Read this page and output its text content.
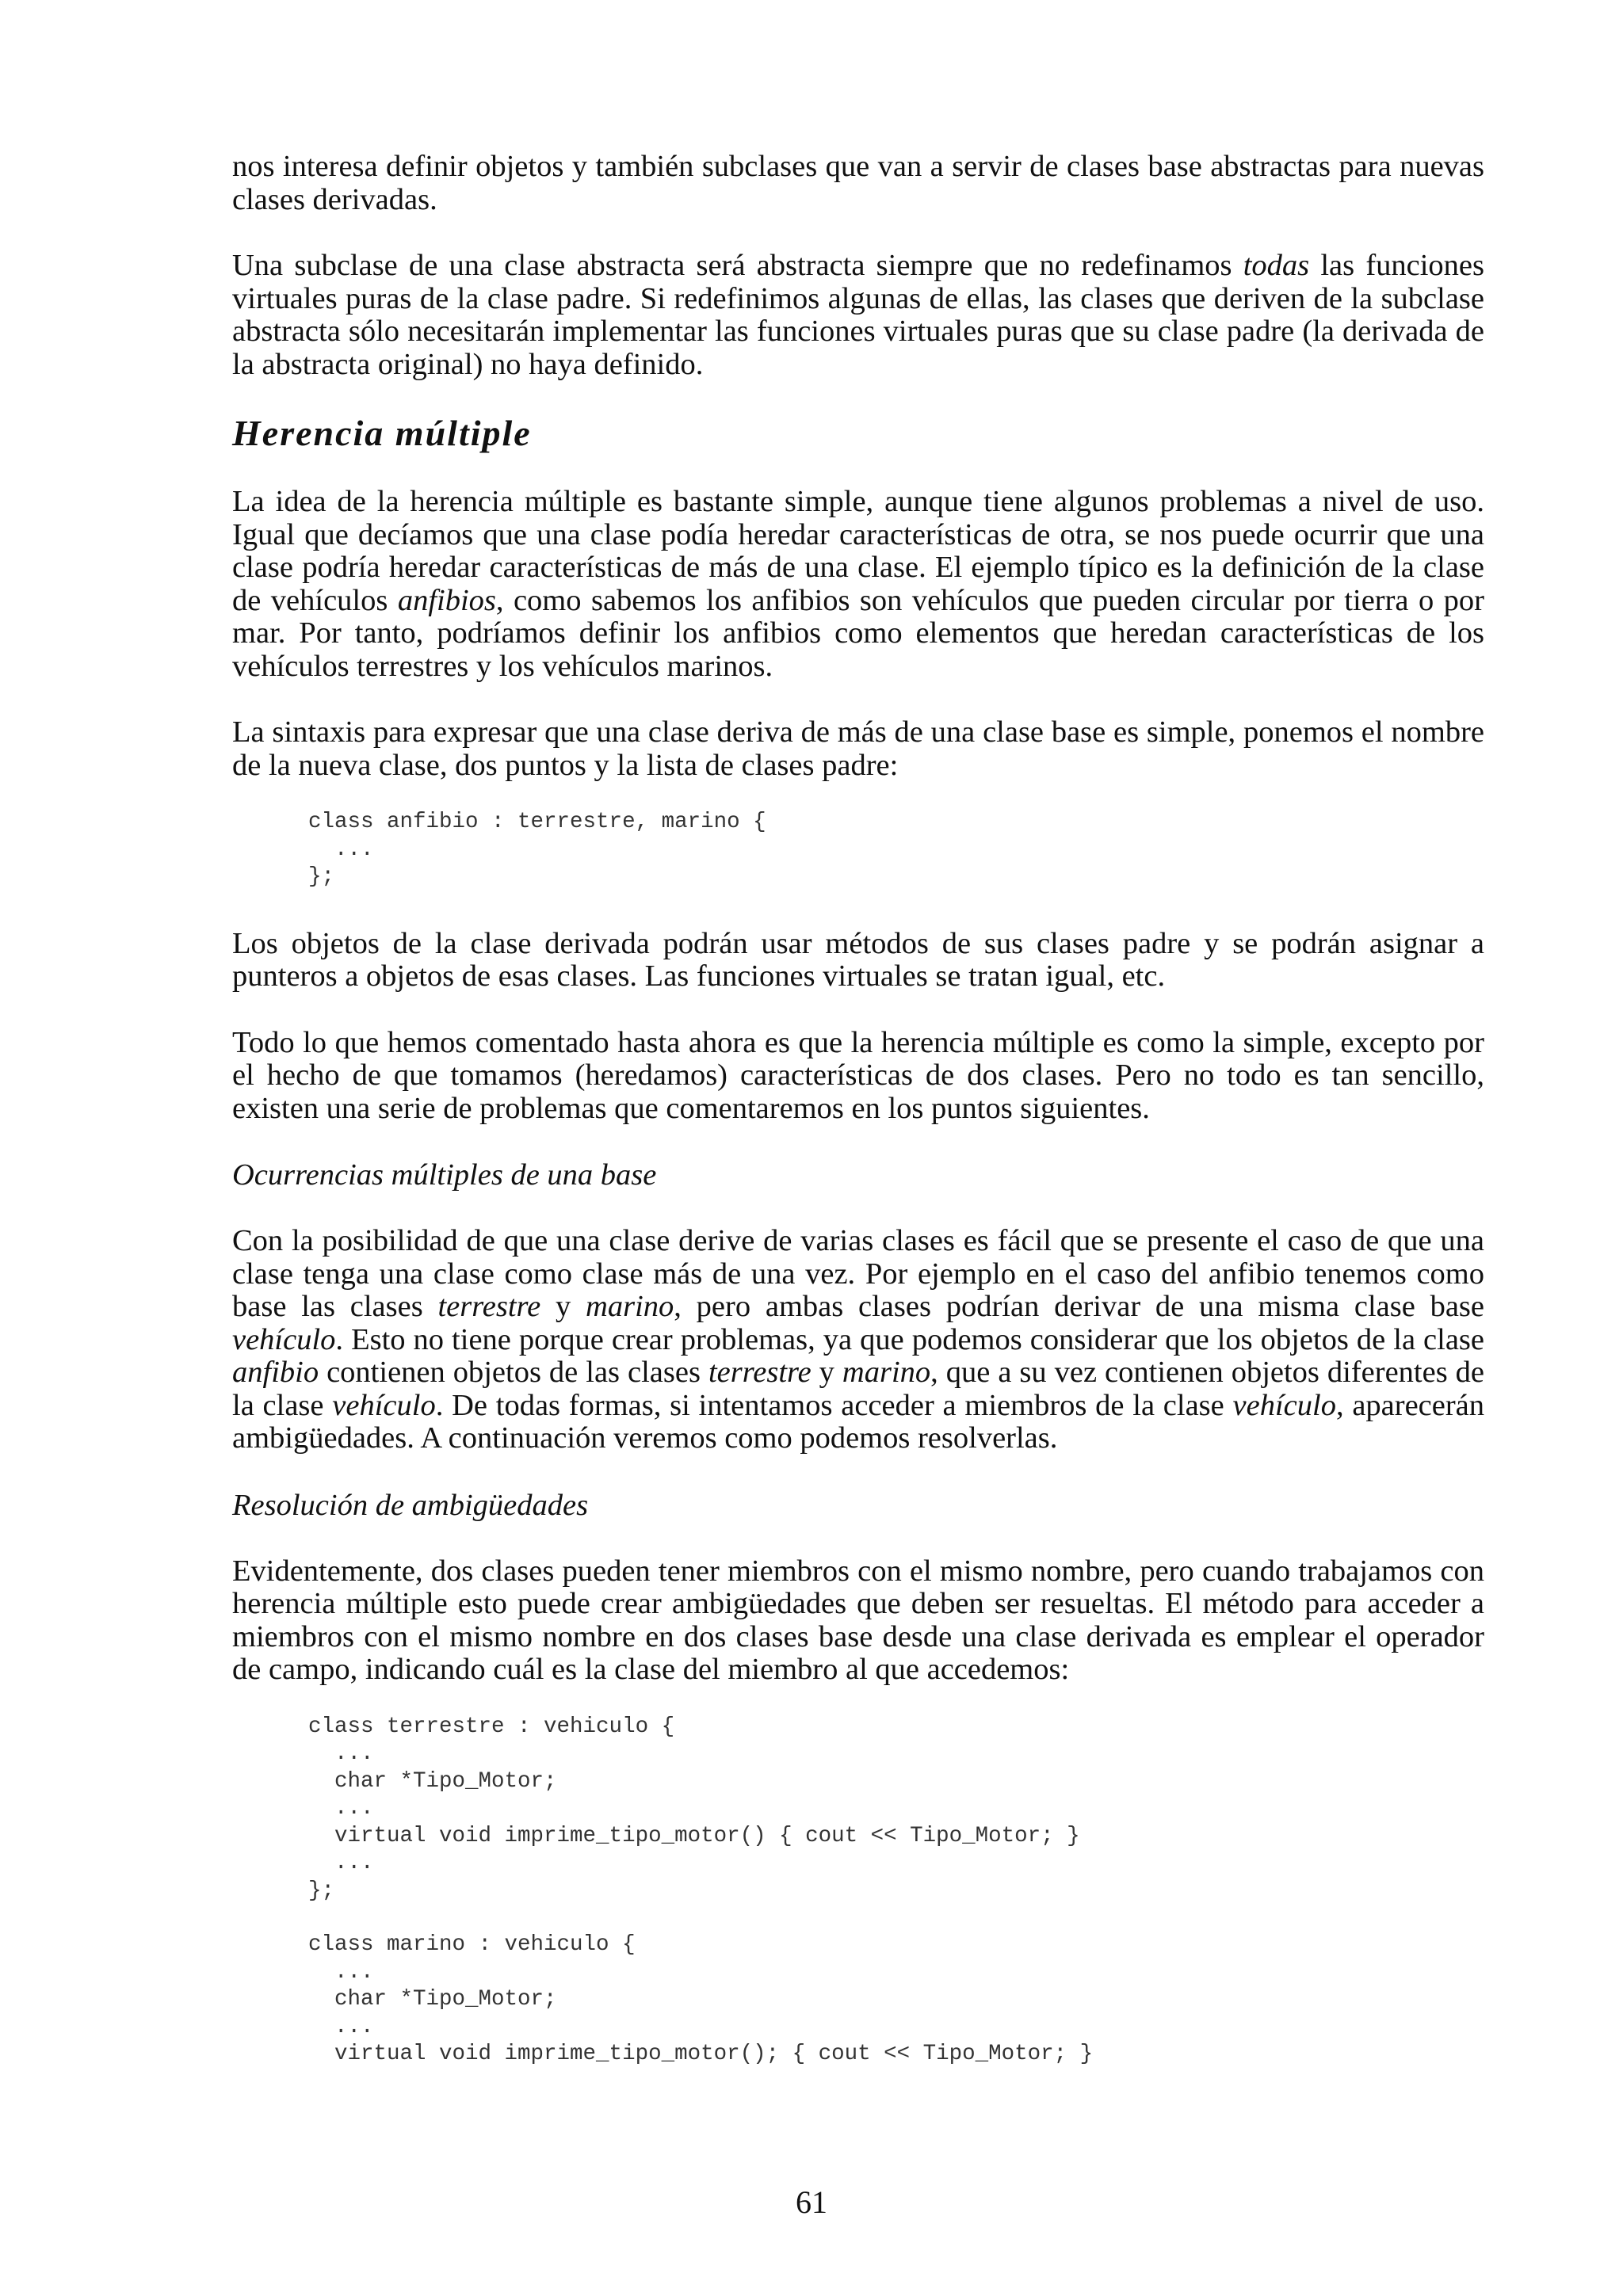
nos interesa definir objetos y también subclases que van a servir de clases base abstractas para nuevas clases derivadas.

Una subclase de una clase abstracta será abstracta siempre que no redefinamos todas las funciones virtuales puras de la clase padre. Si redefinimos algunas de ellas, las clases que deriven de la subclase abstracta sólo necesitarán implementar las funciones virtuales puras que su clase padre (la derivada de la abstracta original) no haya definido.

Herencia múltiple

La idea de la herencia múltiple es bastante simple, aunque tiene algunos problemas a nivel de uso. Igual que decíamos que una clase podía heredar características de otra, se nos puede ocurrir que una clase podría heredar características de más de una clase. El ejemplo típico es la definición de la clase de vehículos anfibios, como sabemos los anfibios son vehículos que pueden circular por tierra o por mar. Por tanto, podríamos definir los anfibios como elementos que heredan características de los vehículos terrestres y los vehículos marinos.

La sintaxis para expresar que una clase deriva de más de una clase base es simple, ponemos el nombre de la nueva clase, dos puntos y la lista de clases padre:

class anfibio : terrestre, marino {
...
};

Los objetos de la clase derivada podrán usar métodos de sus clases padre y se podrán asignar a punteros a objetos de esas clases. Las funciones virtuales se tratan igual, etc.

Todo lo que hemos comentado hasta ahora es que la herencia múltiple es como la simple, excepto por el hecho de que tomamos (heredamos) características de dos clases. Pero no todo es tan sencillo, existen una serie de problemas que comentaremos en los puntos siguientes.

Ocurrencias múltiples de una base

Con la posibilidad de que una clase derive de varias clases es fácil que se presente el caso de que una clase tenga una clase como clase más de una vez. Por ejemplo en el caso del anfibio tenemos como base las clases terrestre y marino, pero ambas clases podrían derivar de una misma clase base vehículo. Esto no tiene porque crear problemas, ya que podemos considerar que los objetos de la clase anfibio contienen objetos de las clases terrestre y marino, que a su vez contienen objetos diferentes de la clase vehículo. De todas formas, si intentamos acceder a miembros de la clase vehículo, aparecerán ambigüedades. A continuación veremos como podemos resolverlas.

Resolución de ambigüedades

Evidentemente, dos clases pueden tener miembros con el mismo nombre, pero cuando trabajamos con herencia múltiple esto puede crear ambigüedades que deben ser resueltas. El método para acceder a miembros con el mismo nombre en dos clases base desde una clase derivada es emplear el operador de campo, indicando cuál es la clase del miembro al que accedemos:

class terrestre : vehiculo {
...
char *Tipo_Motor;
...
virtual void imprime_tipo_motor() { cout << Tipo_Motor; }
...
};
class marino : vehiculo {
...
char *Tipo_Motor;
...
virtual void imprime_tipo_motor(); { cout << Tipo_Motor; }
61
